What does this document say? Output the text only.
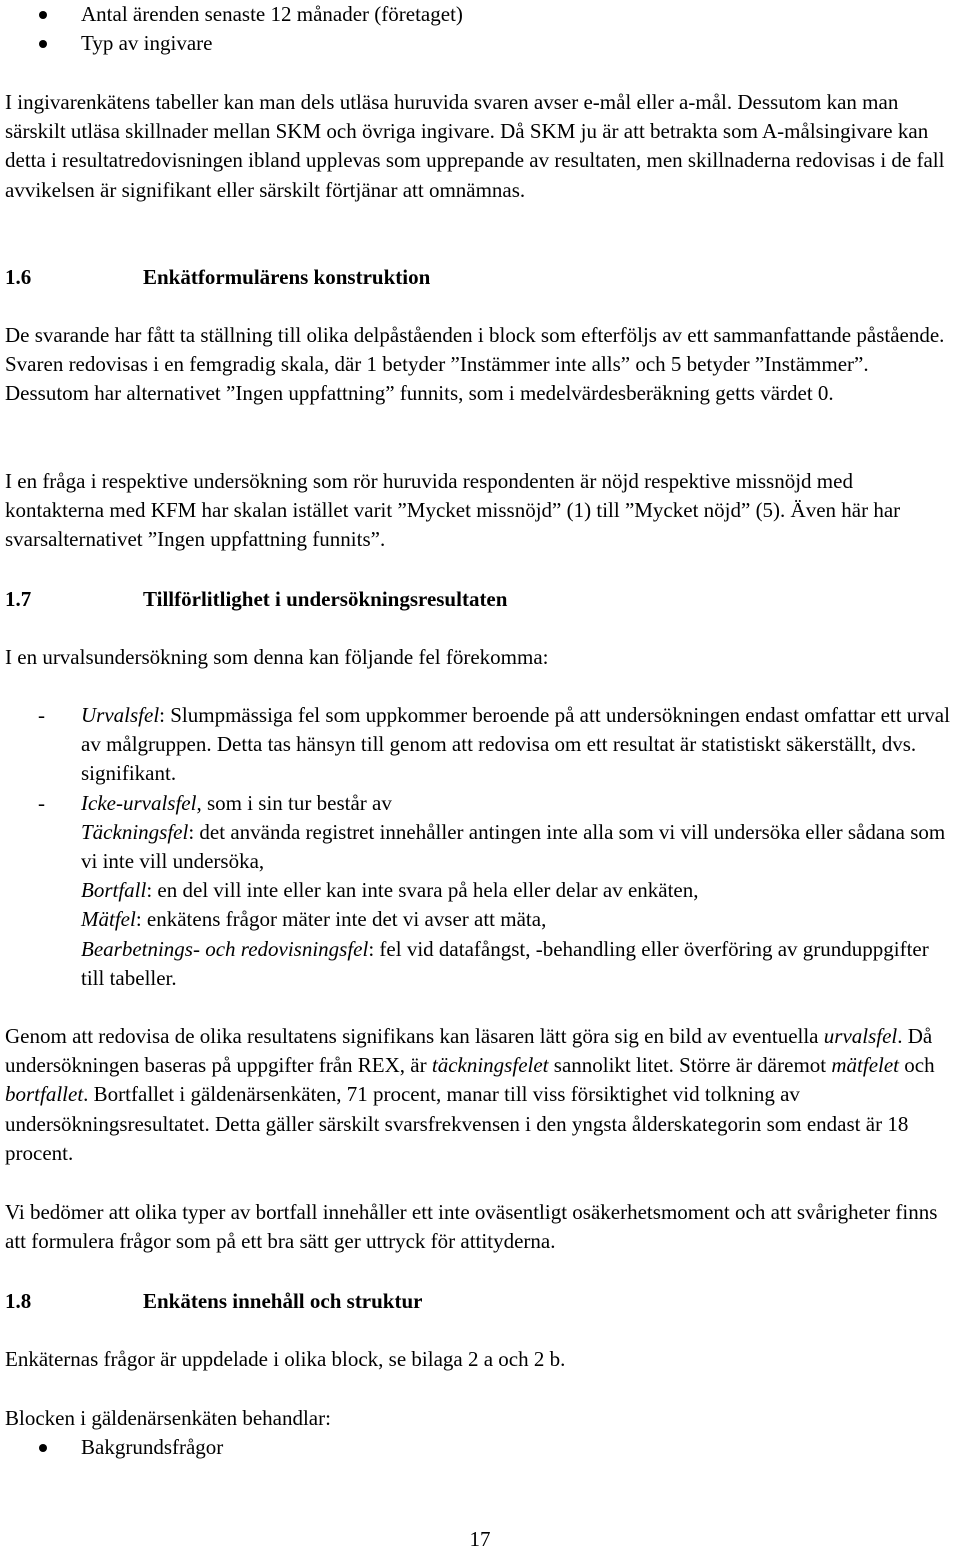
Antal ärenden senaste 12 månader (företaget)
Typ av ingivare

I ingivarenkätens tabeller kan man dels utläsa huruvida svaren avser e-mål eller a-mål. Dessutom kan man särskilt utläsa skillnader mellan SKM och övriga ingivare. Då SKM ju är att betrakta som A-målsingivare kan detta i resultatredovisningen ibland upplevas som upprepande av resultaten, men skillnaderna redovisas i de fall avvikelsen är signifikant eller särskilt förtjänar att omnämnas.

1.6	Enkätformulärens konstruktion

De svarande har fått ta ställning till olika delpåståenden i block som efterföljs av ett sammanfattande påstående. Svaren redovisas i en femgradig skala, där 1 betyder ”Instämmer inte alls” och 5 betyder ”Instämmer”. Dessutom har alternativet ”Ingen uppfattning” funnits, som i medelvärdesberäkning getts värdet 0.

I en fråga i respektive undersökning som rör huruvida respondenten är nöjd respektive missnöjd med kontakterna med KFM har skalan istället varit ”Mycket missnöjd” (1) till ”Mycket nöjd” (5). Även här har svarsalternativet ”Ingen uppfattning funnits”.

1.7	Tillförlitlighet i undersökningsresultaten

I en urvalsundersökning som denna kan följande fel förekomma:

- Urvalsfel: Slumpmässiga fel som uppkommer beroende på att undersökningen endast omfattar ett urval av målgruppen. Detta tas hänsyn till genom att redovisa om ett resultat är statistiskt säkerställt, dvs. signifikant.
- Icke-urvalsfel, som i sin tur består av

Täckningsfel: det använda registret innehåller antingen inte alla som vi vill undersöka eller sådana som vi inte vill undersöka,

Bortfall: en del vill inte eller kan inte svara på hela eller delar av enkäten,

Mätfel: enkätens frågor mäter inte det vi avser att mäta,

Bearbetnings- och redovisningsfel: fel vid datafångst, -behandling eller överföring av grunduppgifter till tabeller.

Genom att redovisa de olika resultatens signifikans kan läsaren lätt göra sig en bild av eventuella urvalsfel. Då undersökningen baseras på uppgifter från REX, är täckningsfelet sannolikt litet. Större är däremot mätfelet och bortfallet. Bortfallet i gäldenärsenkäten, 71 procent, manar till viss försiktighet vid tolkning av undersökningsresultatet. Detta gäller särskilt svarsfrekvensen i den yngsta ålderskategorin som endast är 18 procent.

Vi bedömer att olika typer av bortfall innehåller ett inte oväsentligt osäkerhetsmoment och att svårigheter finns att formulera frågor som på ett bra sätt ger uttryck för attityderna.

1.8	Enkätens innehåll och struktur

Enkäternas frågor är uppdelade i olika block, se bilaga 2 a och 2 b.

Blocken i gäldenärsenkäten behandlar:

Bakgrundsfrågor
17
